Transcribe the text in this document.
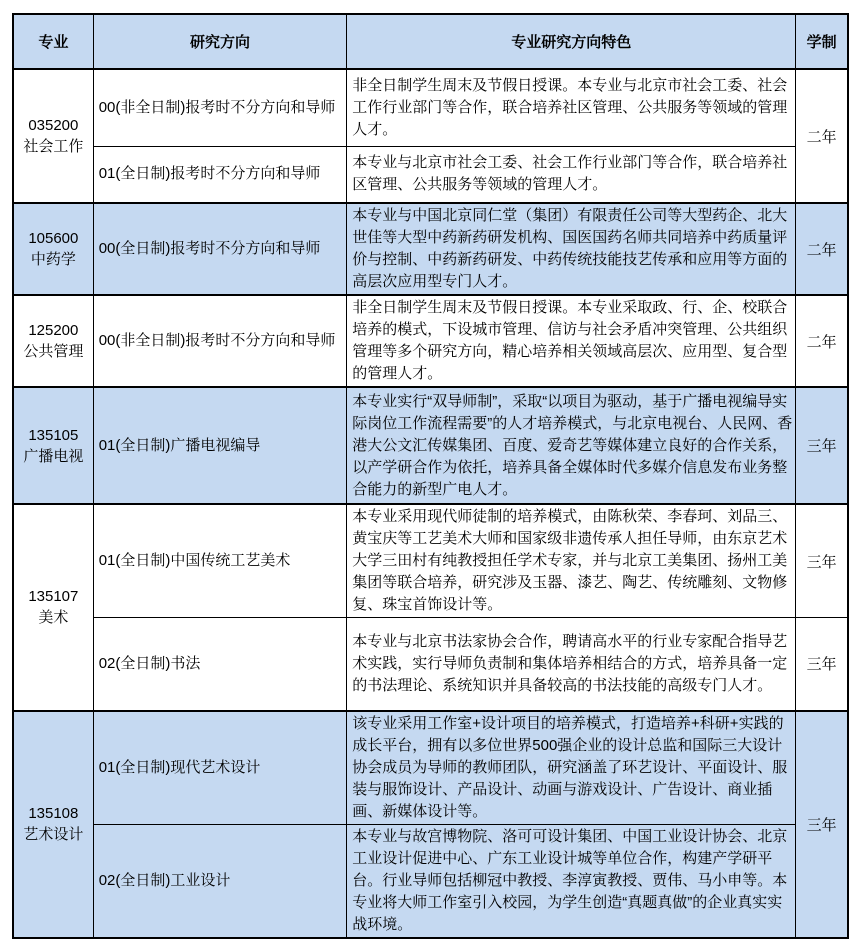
专业	研究方向	专业研究方向特色	学制

035200
社会工作	00(非全日制)报考时不分方向和导师	非全日制学生周末及节假日授课。本专业与北京市社会工委、社会工作行业部门等合作，联合培养社区管理、公共服务等领域的管理人才。	二年
	01(全日制)报考时不分方向和导师	本专业与北京市社会工委、社会工作行业部门等合作，联合培养社区管理、公共服务等领域的管理人才。	

105600
中药学	00(全日制)报考时不分方向和导师	本专业与中国北京同仁堂（集团）有限责任公司等大型药企、北大世佳等大型中药新药研发机构、国医国药名师共同培养中药质量评价与控制、中药新药研发、中药传统技能技艺传承和应用等方面的高层次应用型专门人才。	二年

125200
公共管理	00(非全日制)报考时不分方向和导师	非全日制学生周末及节假日授课。本专业采取政、行、企、校联合培养的模式，下设城市管理、信访与社会矛盾冲突管理、公共组织管理等多个研究方向，精心培养相关领域高层次、应用型、复合型的管理人才。	二年

135105
广播电视	01(全日制)广播电视编导	本专业实行“双导师制”，采取“以项目为驱动，基于广播电视编导实际岗位工作流程需要”的人才培养模式，与北京电视台、人民网、香港大公文汇传媒集团、百度、爱奇艺等媒体建立良好的合作关系，以产学研合作为依托，培养具备全媒体时代多媒介信息发布业务整合能力的新型广电人才。	三年

135107
美术	01(全日制)中国传统工艺美术	本专业采用现代师徒制的培养模式，由陈秋荣、李春珂、刘品三、黄宝庆等工艺美术大师和国家级非遗传承人担任导师，由东京艺术大学三田村有纯教授担任学术专家，并与北京工美集团、扬州工美集团等联合培养，研究涉及玉器、漆艺、陶艺、传统雕刻、文物修复、珠宝首饰设计等。	三年
	02(全日制)书法	本专业与北京书法家协会合作，聘请高水平的行业专家配合指导艺术实践，实行导师负责制和集体培养相结合的方式，培养具备一定的书法理论、系统知识并具备较高的书法技能的高级专门人才。	三年

135108
艺术设计	01(全日制)现代艺术设计	该专业采用工作室+设计项目的培养模式，打造培养+科研+实践的成长平台，拥有以多位世界500强企业的设计总监和国际三大设计协会成员为导师的教师团队，研究涵盖了环艺设计、平面设计、服装与服饰设计、产品设计、动画与游戏设计、广告设计、商业插画、新媒体设计等。	三年
	02(全日制)工业设计	本专业与故宫博物院、洛可可设计集团、中国工业设计协会、北京工业设计促进中心、广东工业设计城等单位合作，构建产学研平台。行业导师包括柳冠中教授、李淳寅教授、贾伟、马小申等。本专业将大师工作室引入校园，为学生创造“真题真做”的企业真实实战环境。	
